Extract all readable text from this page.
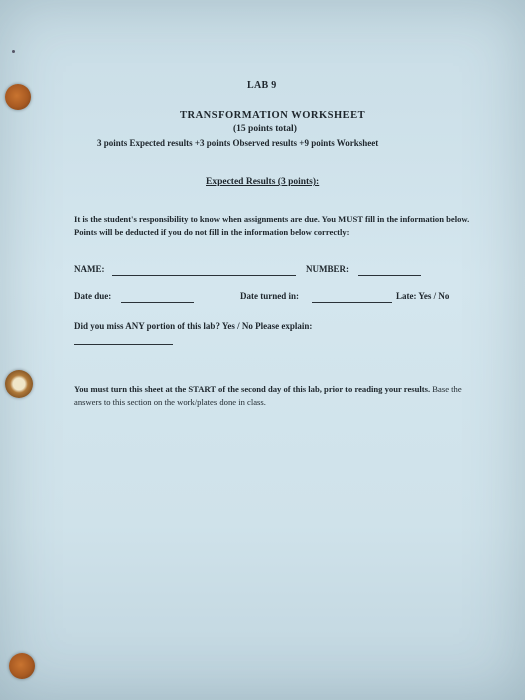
LAB 9
TRANSFORMATION WORKSHEET
(15 points total)
3 points Expected results +3 points Observed results +9 points Worksheet
Expected Results (3 points):
It is the student's responsibility to know when assignments are due. You MUST fill in the information below. Points will be deducted if you do not fill in the information below correctly:
NAME:	NUMBER:
Date due:	Date turned in:	Late: Yes / No
Did you miss ANY portion of this lab? Yes / No Please explain:
You must turn this sheet at the START of the second day of this lab, prior to reading your results. Base the answers to this section on the work/plates done in class.
